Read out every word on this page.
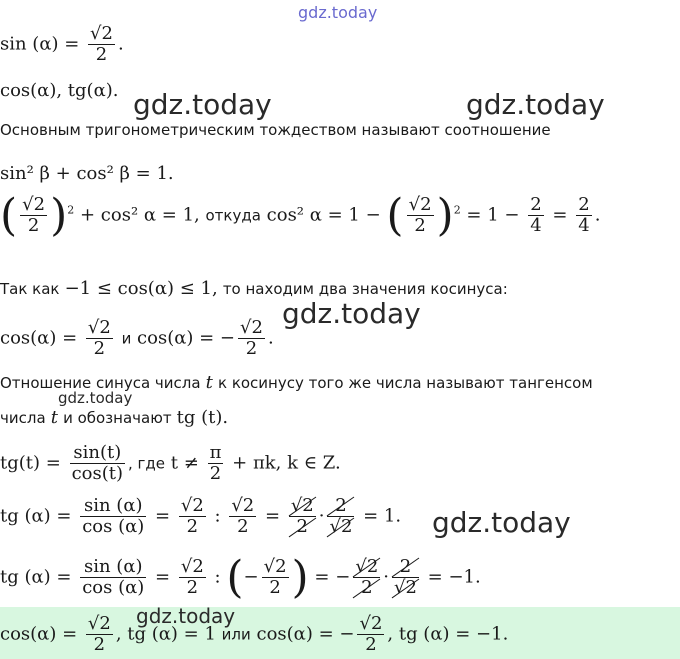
gdz.today
gdz.today	gdz.today
gdz.today
gdz.today
gdz.today
gdz.today
$\sin (\alpha) = \frac{√2}{2}$ .
cos(α), tg(α).
Основным тригонометрическим тождеством называют соотношение
sin² β + cos² β = 1.
( $\frac{√2}{2} )^2 + \cos^2$ α = 1, откуда cos² α = 1 − ( $\frac{√2}{2} )^2 = 1 - \frac{2}{4} = \frac{2}{4}$ .
Так как −1 ≤ cos(α) ≤ 1, то находим два значения косинуса:
$\cos(\alpha) = \frac{√2}{2}$ и cos(α) = − $\frac{√2}{2}$ .
Отношение синуса числа t к косинусу того же числа называют тангенсом
числа t и обозначают tg (t).
$tg(t) = \frac{\sin(t)}{\cos(t)}$ , где $t \ne \frac{\pi}{2} + \pi k$, k ∈ Z.
tg $(\alpha) = \frac{\sin (\alpha)}{\cos (\alpha)} = \frac{√2}{2}$ : $\frac{√2}{2} = \frac{√2}{2} \cdot \frac{2}{√2} = 1$.
tg $(\alpha) = \frac{\sin (\alpha)}{\cos (\alpha)} = \frac{√2}{2}$ : (− $\frac{√2}{2}$ ) = − $\frac{√2}{2} \cdot \frac{2}{√2} = -1$.
$\cos(\alpha) = \frac{√2}{2}$ , tg (α) = 1 или cos(α) = − $\frac{√2}{2}$ , tg (α) = −1.
